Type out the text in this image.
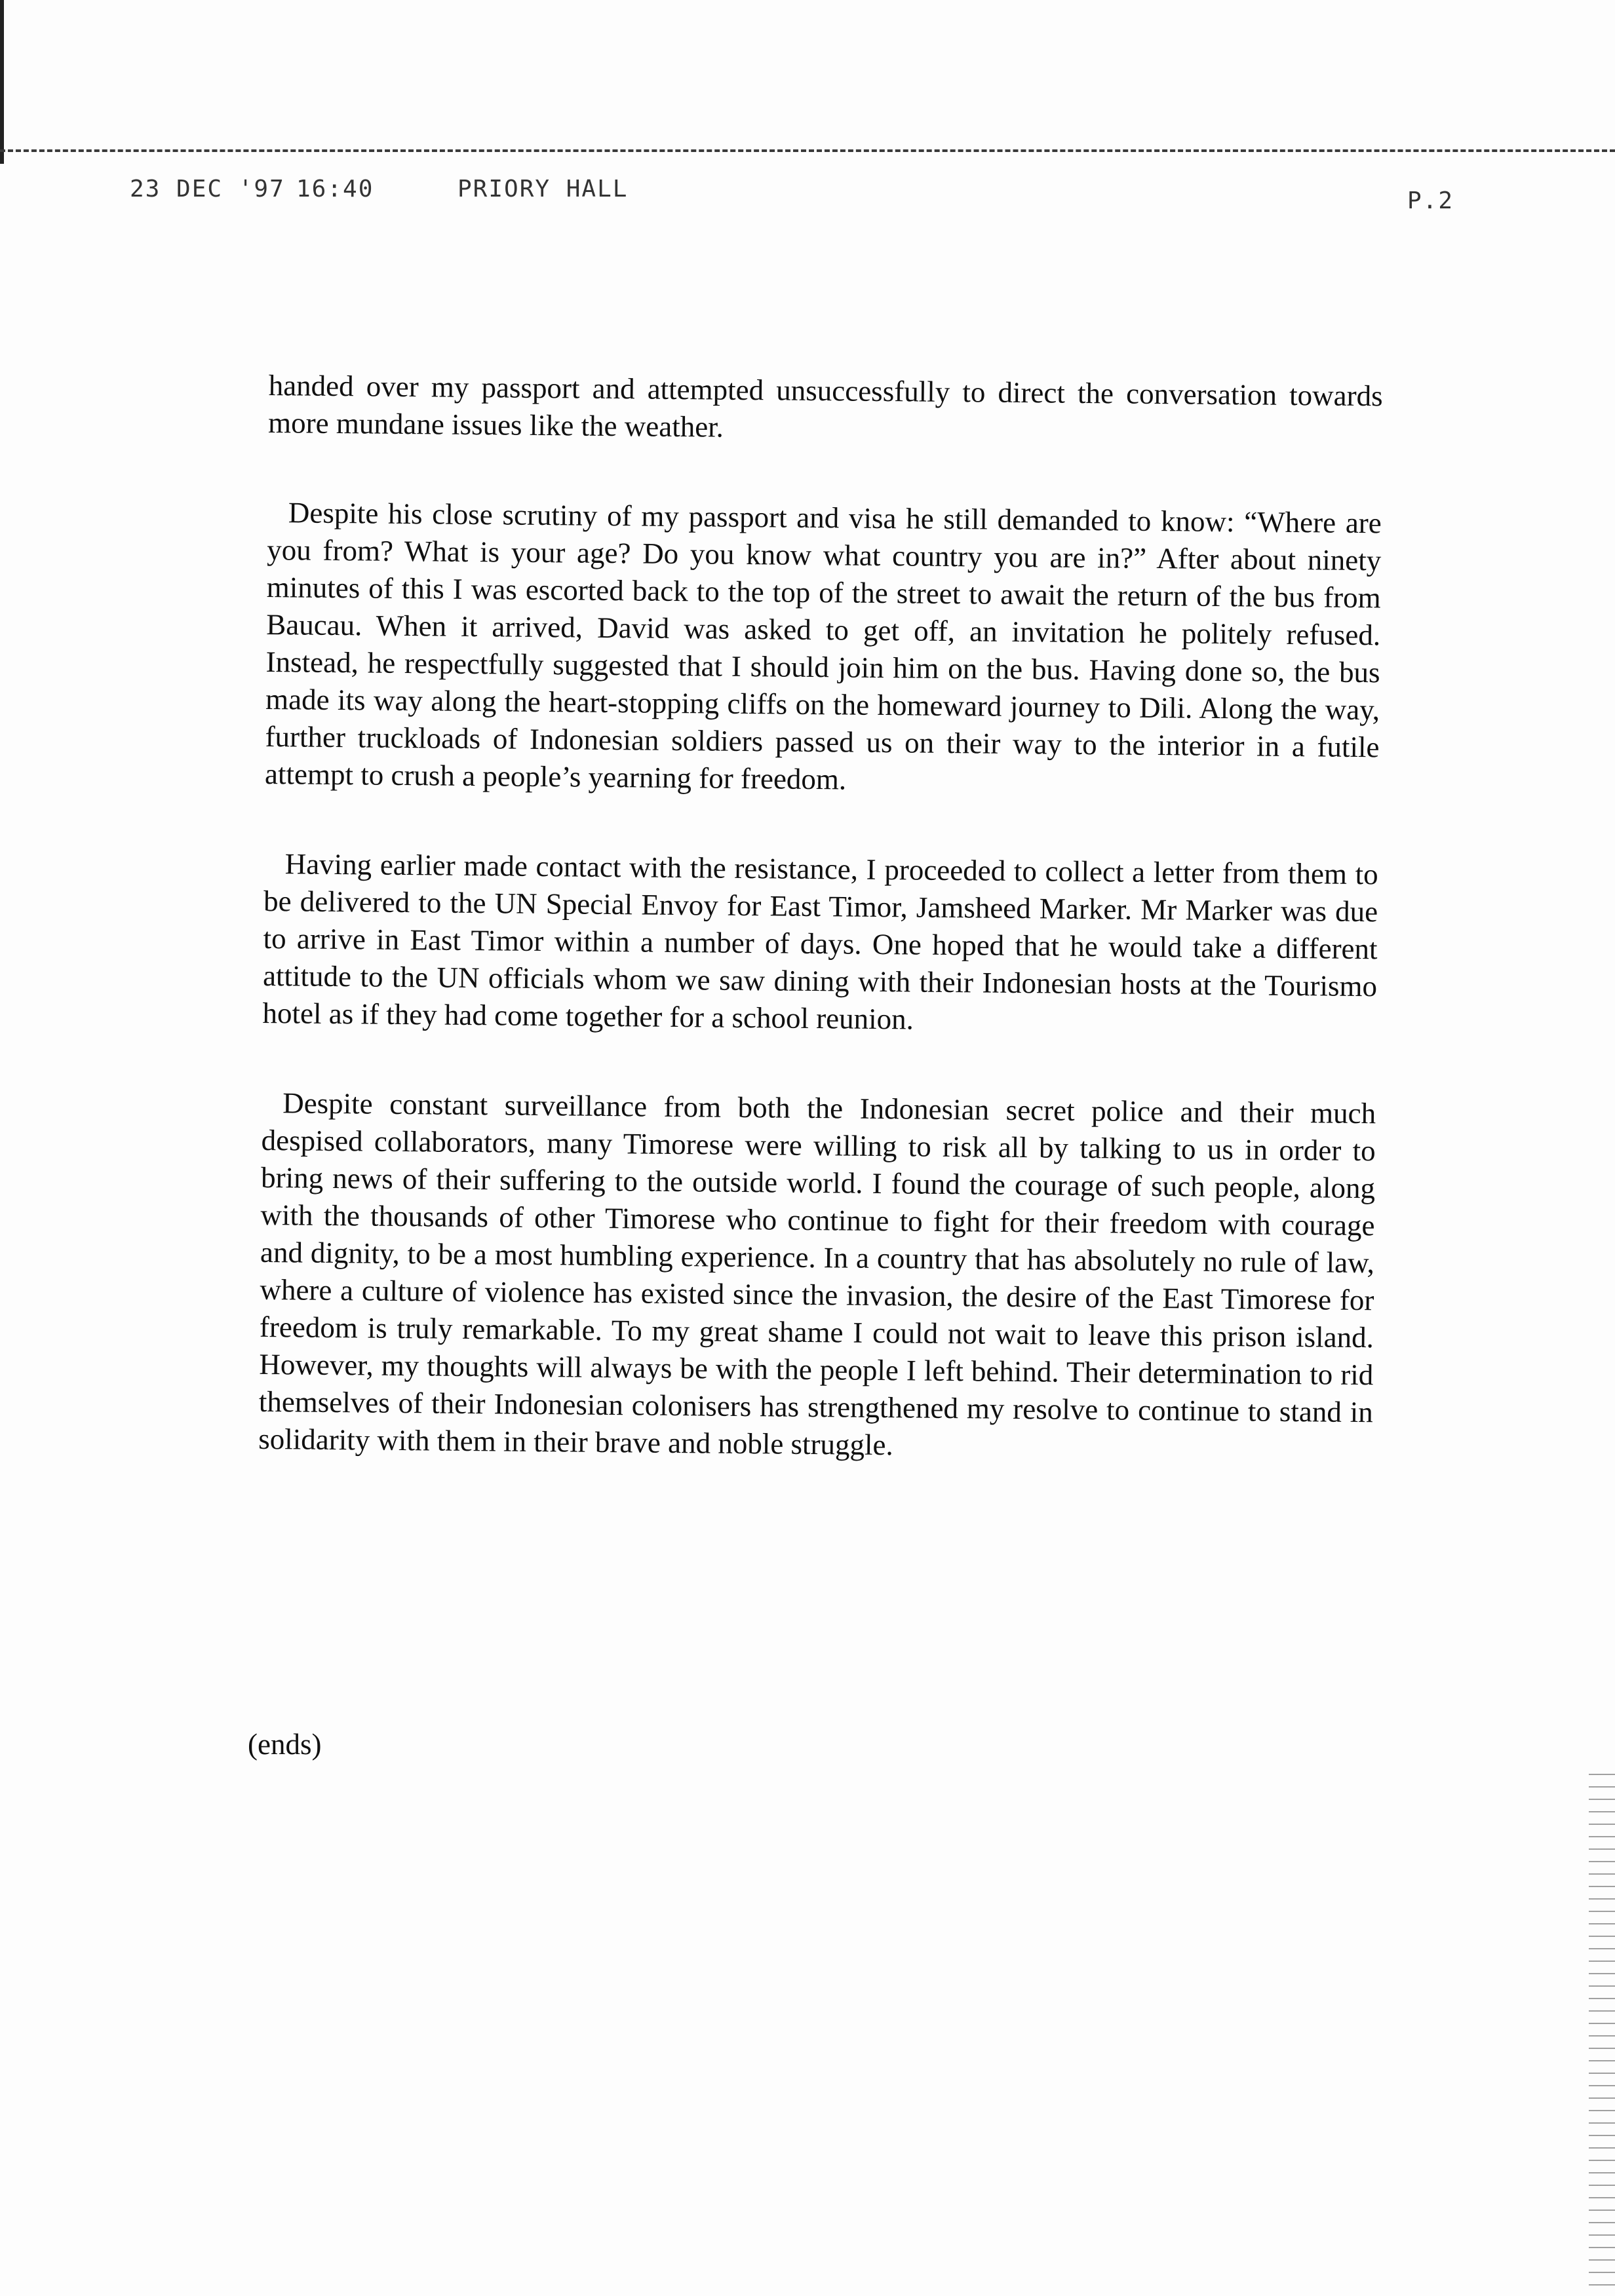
23 DEC '97 16:40	PRIORY HALL	P.2

handed over my passport and attempted unsuccessfully to direct the conversation towards more mundane issues like the weather.

Despite his close scrutiny of my passport and visa he still demanded to know: “Where are you from? What is your age? Do you know what country you are in?” After about ninety minutes of this I was escorted back to the top of the street to await the return of the bus from Baucau. When it arrived, David was asked to get off, an invitation he politely refused. Instead, he respectfully suggested that I should join him on the bus. Having done so, the bus made its way along the heart-stopping cliffs on the homeward journey to Dili. Along the way, further truckloads of Indonesian soldiers passed us on their way to the interior in a futile attempt to crush a people’s yearning for freedom.

Having earlier made contact with the resistance, I proceeded to collect a letter from them to be delivered to the UN Special Envoy for East Timor, Jamsheed Marker. Mr Marker was due to arrive in East Timor within a number of days. One hoped that he would take a different attitude to the UN officials whom we saw dining with their Indonesian hosts at the Tourismo hotel as if they had come together for a school reunion.

Despite constant surveillance from both the Indonesian secret police and their much despised collaborators, many Timorese were willing to risk all by talking to us in order to bring news of their suffering to the outside world. I found the courage of such people, along with the thousands of other Timorese who continue to fight for their freedom with courage and dignity, to be a most humbling experience. In a country that has absolutely no rule of law, where a culture of violence has existed since the invasion, the desire of the East Timorese for freedom is truly remarkable. To my great shame I could not wait to leave this prison island. However, my thoughts will always be with the people I left behind. Their determination to rid themselves of their Indonesian colonisers has strengthened my resolve to continue to stand in solidarity with them in their brave and noble struggle.

(ends)
